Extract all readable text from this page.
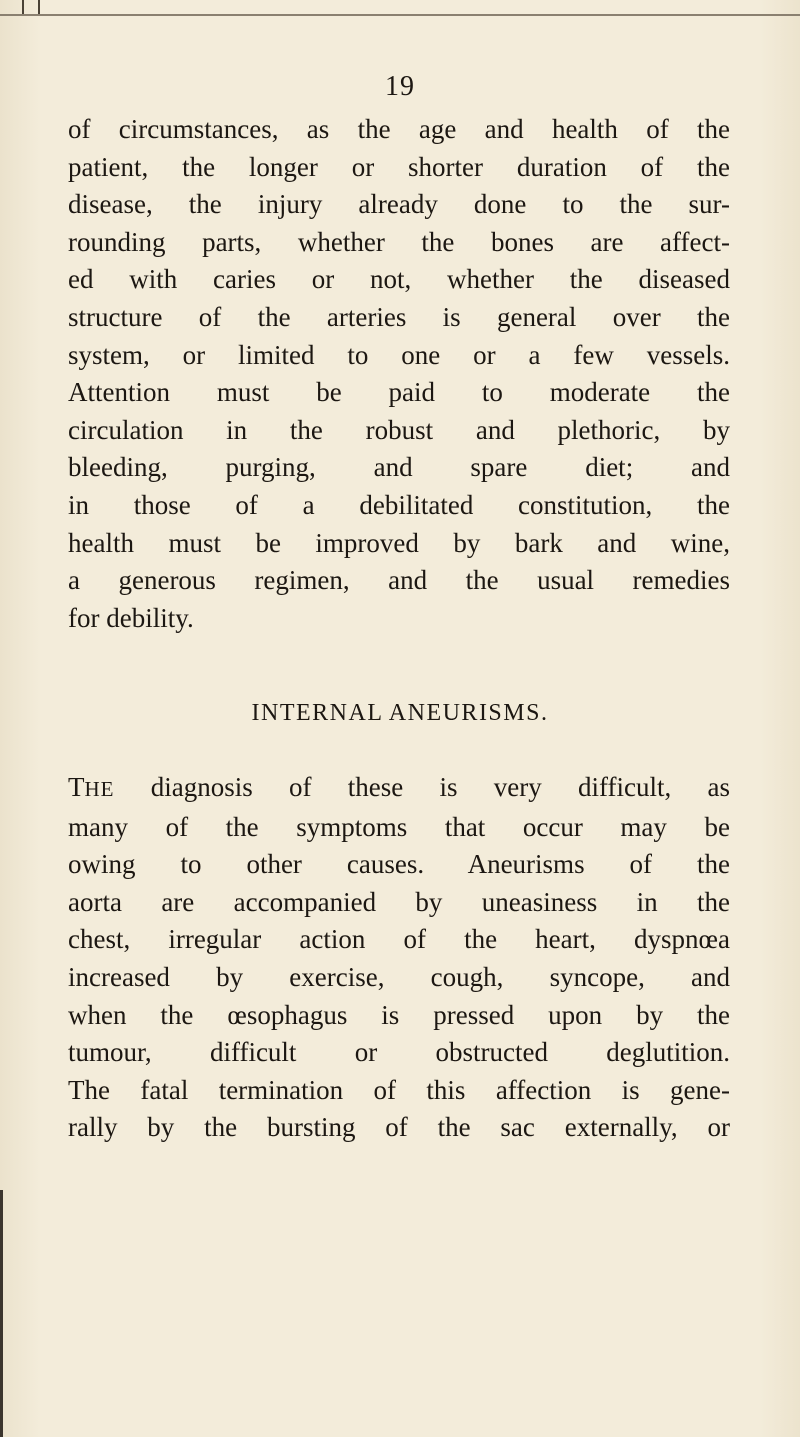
19
of circumstances, as the age and health of the
patient, the longer or shorter duration of the
disease, the injury already done to the sur-
rounding parts, whether the bones are affect-
ed with caries or not, whether the diseased
structure of the arteries is general over the
system, or limited to one or a few vessels.
Attention must be paid to moderate the
circulation in the robust and plethoric, by
bleeding, purging, and spare diet; and
in those of a debilitated constitution, the
health must be improved by bark and wine,
a generous regimen, and the usual remedies
for debility.
INTERNAL ANEURISMS.
THE diagnosis of these is very difficult, as
many of the symptoms that occur may be
owing to other causes. Aneurisms of the
aorta are accompanied by uneasiness in the
chest, irregular action of the heart, dyspnœa
increased by exercise, cough, syncope, and
when the œsophagus is pressed upon by the
tumour, difficult or obstructed deglutition.
The fatal termination of this affection is gene-
rally by the bursting of the sac externally, or
